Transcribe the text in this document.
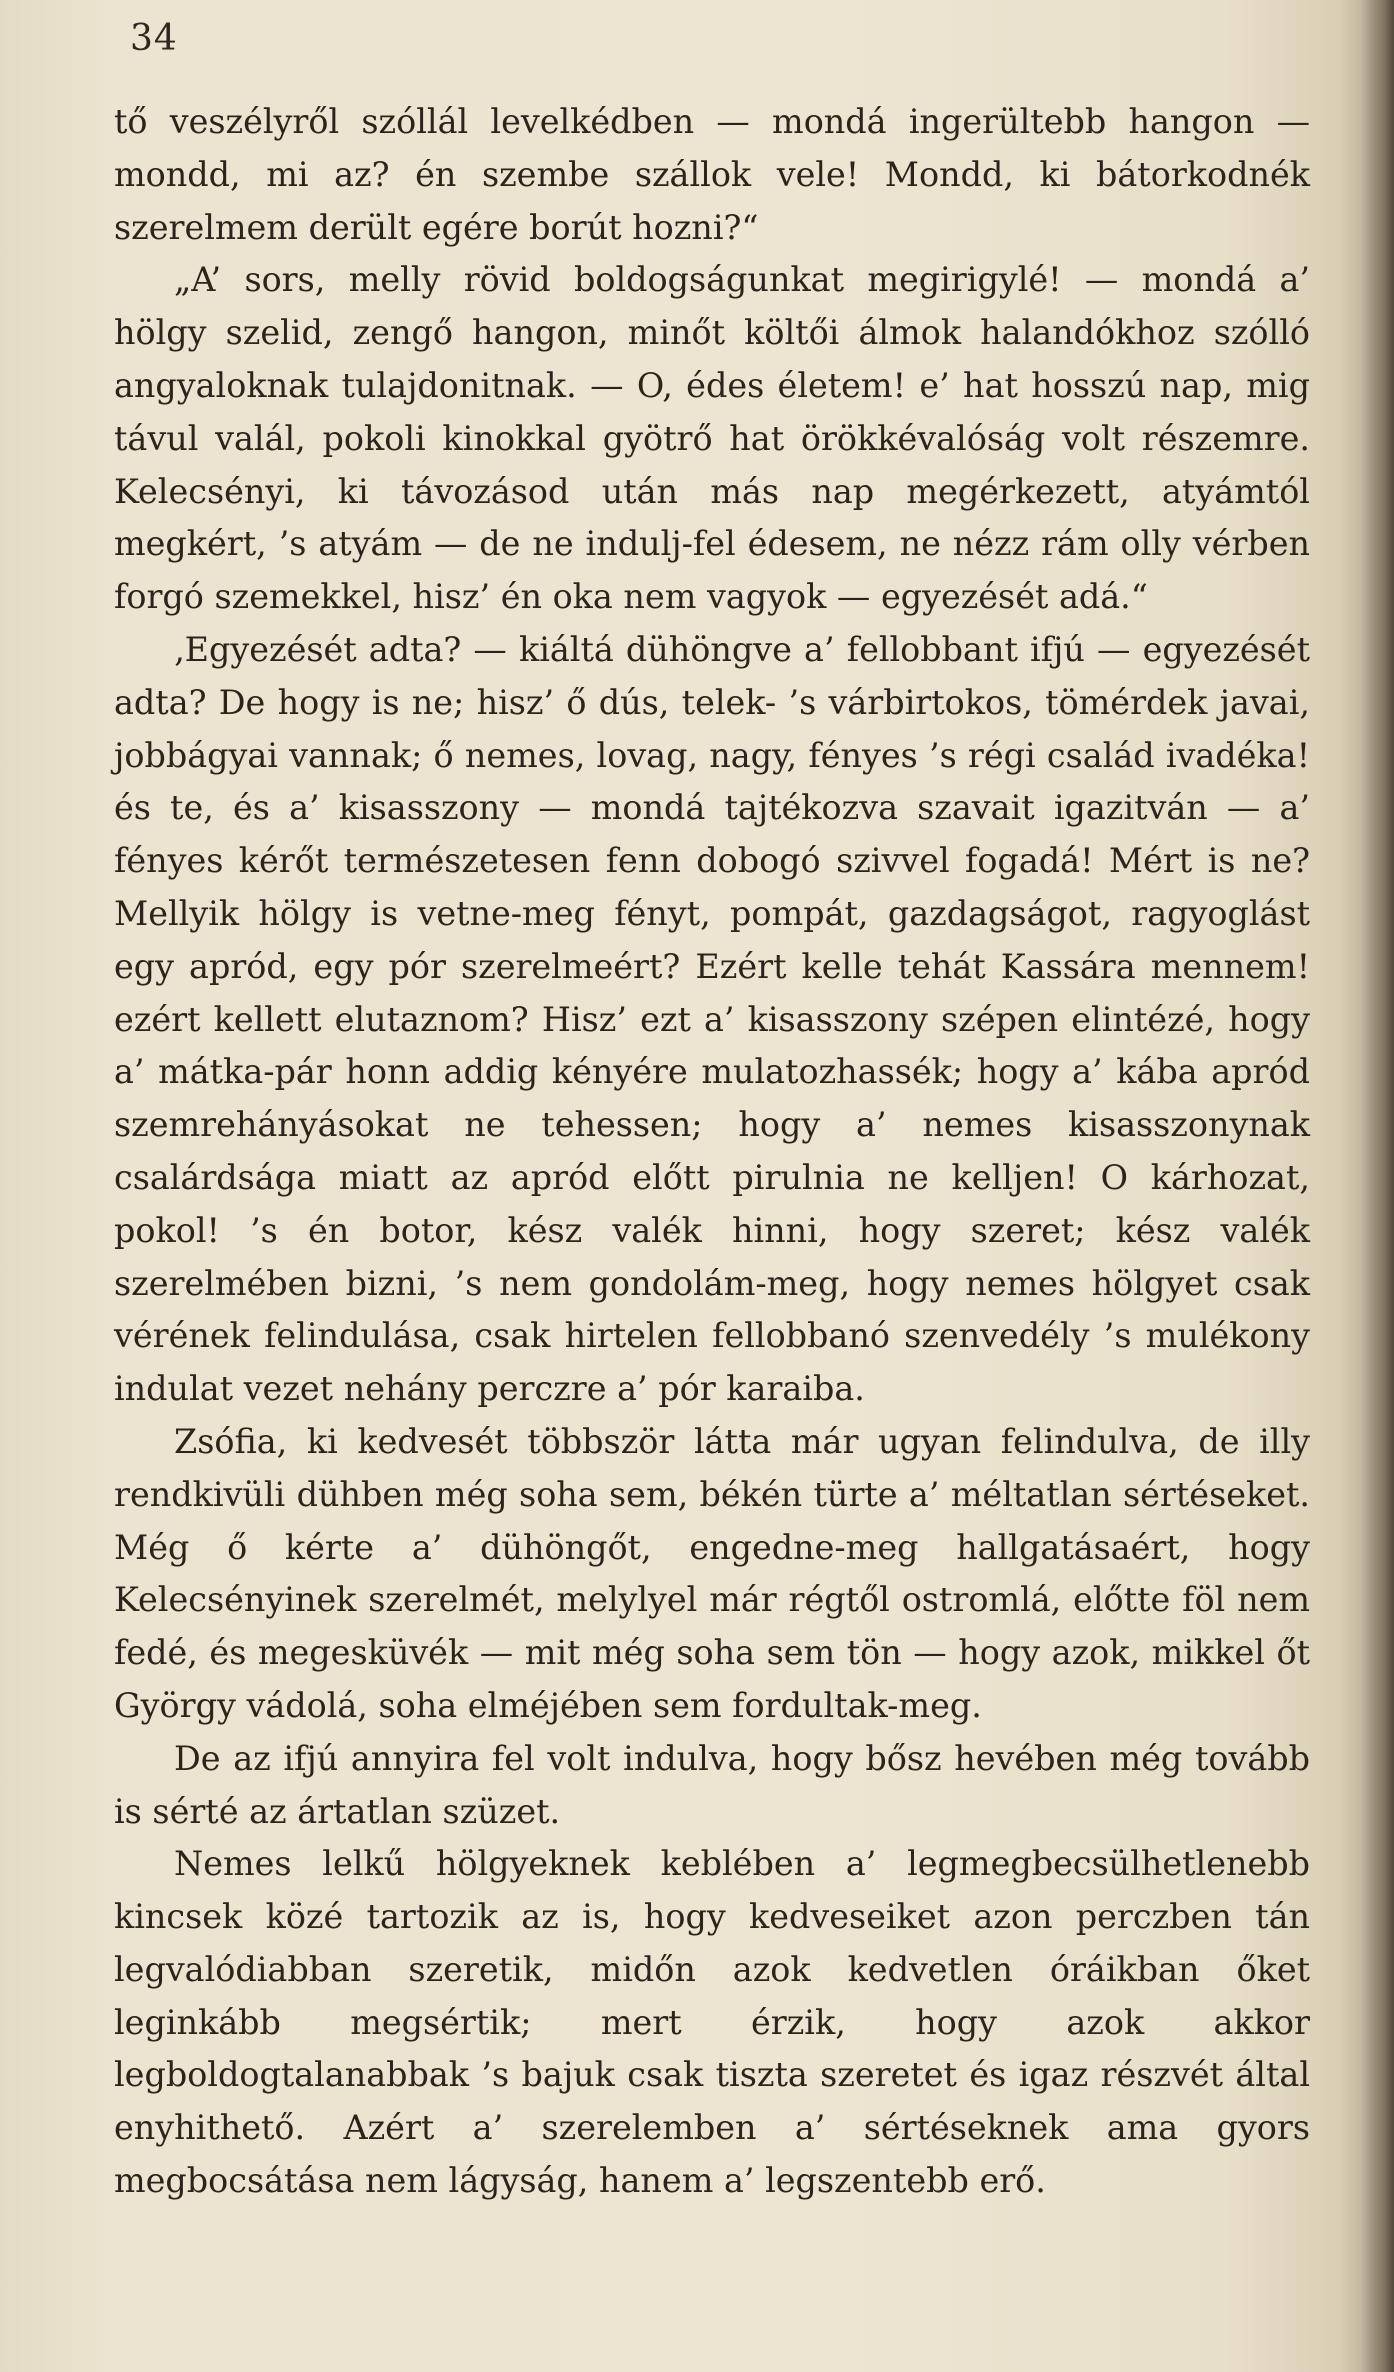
34

tő veszélyről szóllál levelkédben — mondá ingerültebb hangon — mondd, mi az? én szembe szállok vele! Mondd, ki bátorkodnék szerelmem derült egére borút hozni?“

„A’ sors, melly rövid boldogságunkat megirigylé! — mondá a’ hölgy szelid, zengő hangon, minőt költői álmok halandókhoz szólló angyaloknak tulajdonitnak. — O, édes életem! e’ hat hosszú nap, mig távul valál, pokoli kinokkal gyötrő hat örökkévalóság volt részemre. Kelecsényi, ki távozásod után más nap megérkezett, atyámtól megkért, ’s atyám — de ne indulj-fel édesem, ne nézz rám olly vérben forgó szemekkel, hisz’ én oka nem vagyok — egyezését adá.“

‚Egyezését adta? — kiáltá dühöngve a’ fellobbant ifjú — egyezését adta? De hogy is ne; hisz’ ő dús, telek- ’s várbirtokos, tömérdek javai, jobbágyai vannak; ő nemes, lovag, nagy, fényes ’s régi család ivadéka! és te, és a’ kisasszony — mondá tajtékozva szavait igazitván — a’ fényes kérőt természetesen fenn dobogó szivvel fogadá! Mért is ne? Mellyik hölgy is vetne-meg fényt, pompát, gazdagságot, ragyoglást egy apród, egy pór szerelmeért? Ezért kelle tehát Kassára mennem! ezért kellett elutaznom? Hisz’ ezt a’ kisasszony szépen elintézé, hogy a’ mátka-pár honn addig kényére mulatozhassék; hogy a’ kába apród szemrehányásokat ne tehessen; hogy a’ nemes kisasszonynak csalárdsága miatt az apród előtt pirulnia ne kelljen! O kárhozat, pokol! ’s én botor, kész valék hinni, hogy szeret; kész valék szerelmében bizni, ’s nem gondolám-meg, hogy nemes hölgyet csak vérének felindulása, csak hirtelen fellobbanó szenvedély ’s mulékony indulat vezet nehány perczre a’ pór karaiba.

Zsófia, ki kedvesét többször látta már ugyan felindulva, de illy rendkivüli dühben még soha sem, békén türte a’ méltatlan sértéseket. Még ő kérte a’ dühöngőt, engedne-meg hallgatásaért, hogy Kelecsényinek szerelmét, melylyel már régtől ostromlá, előtte föl nem fedé, és megesküvék — mit még soha sem tön — hogy azok, mikkel őt György vádolá, soha elméjében sem fordultak-meg.

De az ifjú annyira fel volt indulva, hogy bősz hevében még tovább is sérté az ártatlan szüzet.

Nemes lelkű hölgyeknek keblében a’ legmegbecsülhetlenebb kincsek közé tartozik az is, hogy kedveseiket azon perczben tán legvalódiabban szeretik, midőn azok kedvetlen óráikban őket leginkább megsértik; mert érzik, hogy azok akkor legboldogtalanabbak ’s bajuk csak tiszta szeretet és igaz részvét által enyhithető. Azért a’ szerelemben a’ sértéseknek ama gyors megbocsátása nem lágyság, hanem a’ legszentebb erő.
